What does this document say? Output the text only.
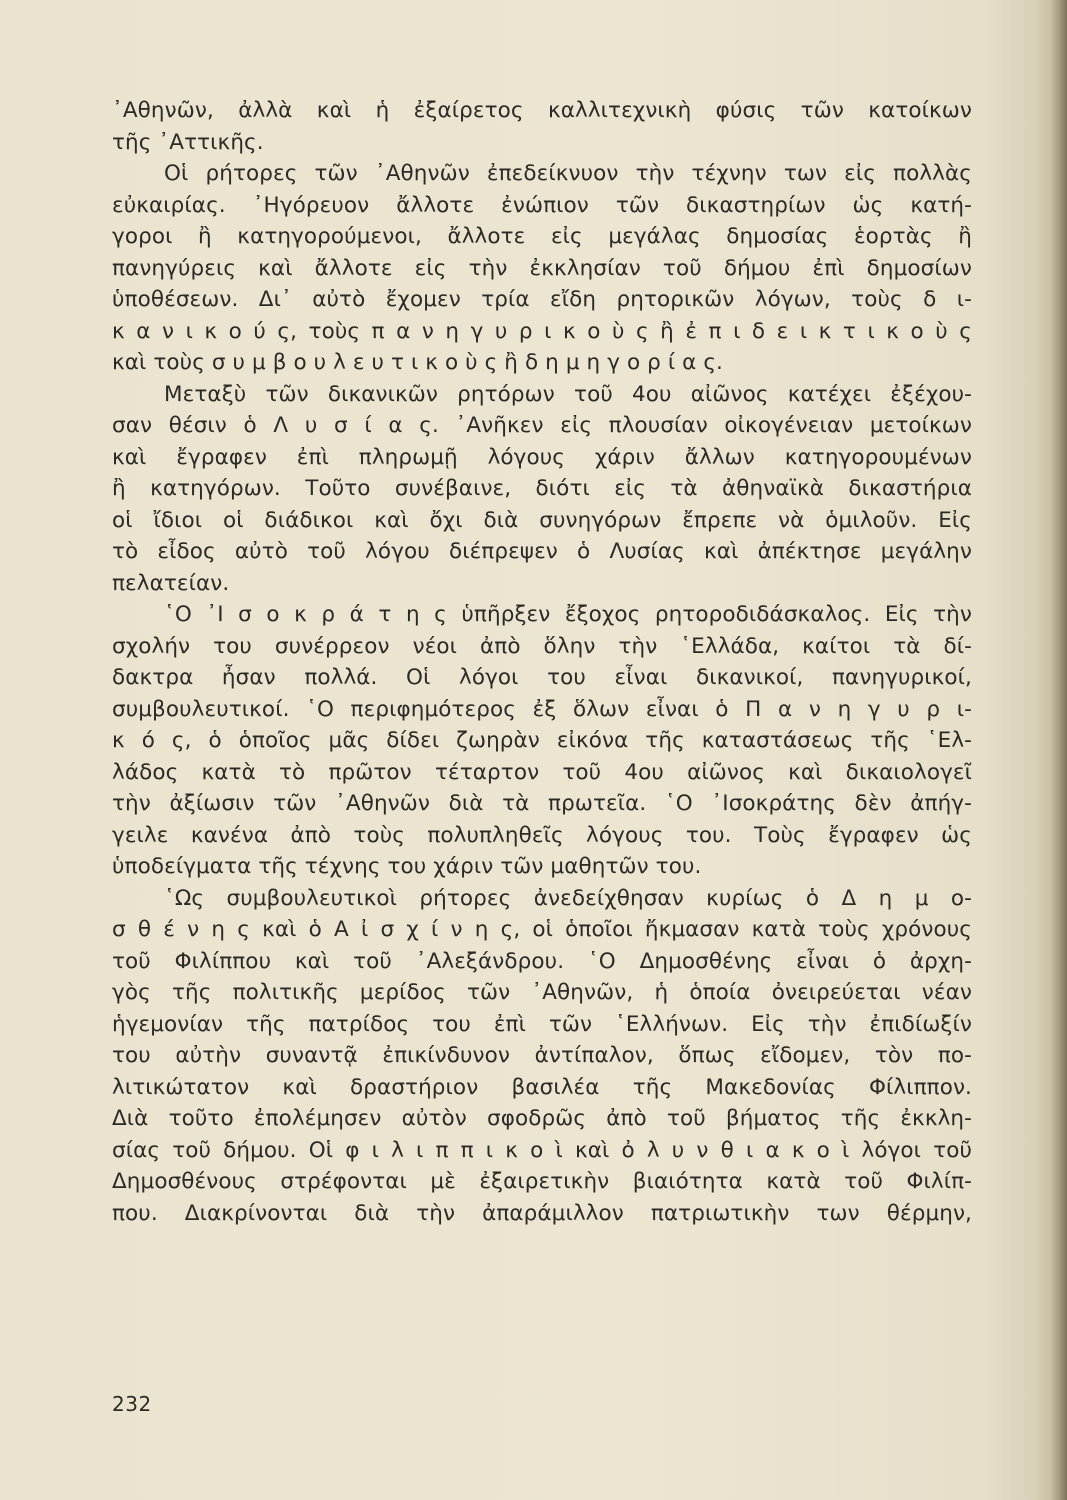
᾿Αθηνῶν, ἀλλὰ καὶ ἡ ἐξαίρετος καλλιτεχνικὴ φύσις τῶν κατοίκων
τῆς ᾿Αττικῆς.
Οἱ ρήτορες τῶν ᾿Αθηνῶν ἐπεδείκνυον τὴν τέχνην των εἰς πολλὰς
εὐκαιρίας. ᾿Ηγόρευον ἄλλοτε ἐνώπιον τῶν δικαστηρίων ὡς κατή-
γοροι ἢ κατηγορούμενοι, ἄλλοτε εἰς μεγάλας δημοσίας ἑορτὰς ἢ
πανηγύρεις καὶ ἄλλοτε εἰς τὴν ἐκκλησίαν τοῦ δήμου ἐπὶ δημοσίων
ὑποθέσεων. Δι᾿ αὐτὸ ἔχομεν τρία εἴδη ρητορικῶν λόγων, τοὺς δ ι-
κ α ν ι κ ο ύ ς, τοὺς π α ν η γ υ ρ ι κ ο ὺ ς ἢ ἐ π ι δ ε ι κ τ ι κ ο ὺ ς
καὶ τοὺς σ υ μ β ο υ λ ε υ τ ι κ ο ὺ ς ἢ δ η μ η γ ο ρ ί α ς.
Μεταξὺ τῶν δικανικῶν ρητόρων τοῦ 4ου αἰῶνος κατέχει ἐξέχου-
σαν θέσιν ὁ Λ υ σ ί α ς. ᾿Ανῆκεν εἰς πλουσίαν οἰκογένειαν μετοίκων
καὶ ἔγραφεν ἐπὶ πληρωμῇ λόγους χάριν ἄλλων κατηγορουμένων
ἢ κατηγόρων. Τοῦτο συνέβαινε, διότι εἰς τὰ ἀθηναϊκὰ δικαστήρια
οἱ ἴδιοι οἱ διάδικοι καὶ ὄχι διὰ συνηγόρων ἔπρεπε νὰ ὁμιλοῦν. Εἰς
τὸ εἶδος αὐτὸ τοῦ λόγου διέπρεψεν ὁ Λυσίας καὶ ἀπέκτησε μεγάλην
πελατείαν.
῾Ο ᾿Ι σ ο κ ρ ά τ η ς ὑπῆρξεν ἔξοχος ρητοροδιδάσκαλος. Εἰς τὴν
σχολήν του συνέρρεον νέοι ἀπὸ ὅλην τὴν ῾Ελλάδα, καίτοι τὰ δί-
δακτρα ἦσαν πολλά. Οἱ λόγοι του εἶναι δικανικοί, πανηγυρικοί,
συμβουλευτικοί. ῾Ο περιφημότερος ἐξ ὅλων εἶναι ὁ Π α ν η γ υ ρ ι-
κ ό ς, ὁ ὁποῖος μᾶς δίδει ζωηρὰν εἰκόνα τῆς καταστάσεως τῆς ῾Ελ-
λάδος κατὰ τὸ πρῶτον τέταρτον τοῦ 4ου αἰῶνος καὶ δικαιολογεῖ
τὴν ἀξίωσιν τῶν ᾿Αθηνῶν διὰ τὰ πρωτεῖα. ῾Ο ᾿Ισοκράτης δὲν ἀπήγ-
γειλε κανένα ἀπὸ τοὺς πολυπληθεῖς λόγους του. Τοὺς ἔγραφεν ὡς
ὑποδείγματα τῆς τέχνης του χάριν τῶν μαθητῶν του.
῾Ως συμβουλευτικοὶ ρήτορες ἀνεδείχθησαν κυρίως ὁ Δ η μ ο-
σ θ έ ν η ς καὶ ὁ Α ἰ σ χ ί ν η ς, οἱ ὁποῖοι ἤκμασαν κατὰ τοὺς χρόνους
τοῦ Φιλίππου καὶ τοῦ ᾿Αλεξάνδρου. ῾Ο Δημοσθένης εἶναι ὁ ἀρχη-
γὸς τῆς πολιτικῆς μερίδος τῶν ᾿Αθηνῶν, ἡ ὁποία ὀνειρεύεται νέαν
ἡγεμονίαν τῆς πατρίδος του ἐπὶ τῶν ῾Ελλήνων. Εἰς τὴν ἐπιδίωξίν
του αὐτὴν συναντᾷ ἐπικίνδυνον ἀντίπαλον, ὅπως εἴδομεν, τὸν πο-
λιτικώτατον καὶ δραστήριον βασιλέα τῆς Μακεδονίας Φίλιππον.
Διὰ τοῦτο ἐπολέμησεν αὐτὸν σφοδρῶς ἀπὸ τοῦ βήματος τῆς ἐκκλη-
σίας τοῦ δήμου. Οἱ φ ι λ ι π π ι κ ο ὶ καὶ ὀ λ υ ν θ ι α κ ο ὶ λόγοι τοῦ
Δημοσθένους στρέφονται μὲ ἐξαιρετικὴν βιαιότητα κατὰ τοῦ Φιλίπ-
που. Διακρίνονται διὰ τὴν ἀπαράμιλλον πατριωτικὴν των θέρμην,
232
